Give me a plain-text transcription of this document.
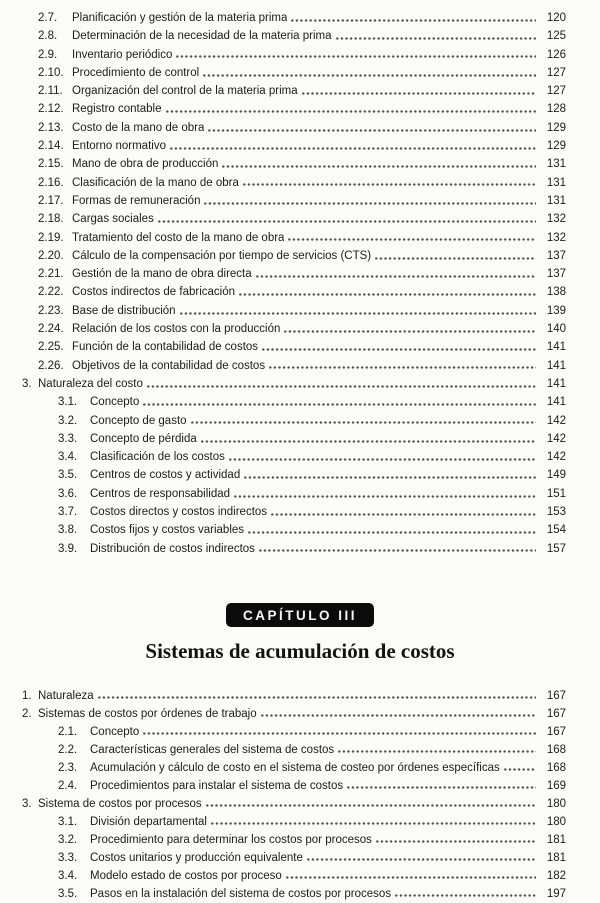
2.7.	Planificación y gestión de la materia prima	120
2.8.	Determinación de la necesidad de la materia prima	125
2.9.	Inventario periódico	126
2.10. Procedimiento de control	127
2.11. Organización del control de la materia prima	127
2.12. Registro contable	128
2.13. Costo de la mano de obra	129
2.14. Entorno normativo	129
2.15. Mano de obra de producción	131
2.16. Clasificación de la mano de obra	131
2.17. Formas de remuneración	131
2.18. Cargas sociales	132
2.19. Tratamiento del costo de la mano de obra	132
2.20. Cálculo de la compensación por tiempo de servicios (CTS)	137
2.21. Gestión de la mano de obra directa	137
2.22. Costos indirectos de fabricación	138
2.23. Base de distribución	139
2.24. Relación de los costos con la producción	140
2.25. Función de la contabilidad de costos	141
2.26. Objetivos de la contabilidad de costos	141
3. Naturaleza del costo	141
3.1.	Concepto	141
3.2.	Concepto de gasto	142
3.3.	Concepto de pérdida	142
3.4.	Clasificación de los costos	142
3.5.	Centros de costos y actividad	149
3.6.	Centros de responsabilidad	151
3.7.	Costos directos y costos indirectos	153
3.8.	Costos fijos y costos variables	154
3.9.	Distribución de costos indirectos	157
CAPÍTULO III
Sistemas de acumulación de costos
1. Naturaleza	167
2. Sistemas de costos por órdenes de trabajo	167
2.1.	Concepto	167
2.2.	Características generales del sistema de costos	168
2.3.	Acumulación y cálculo de costo en el sistema de costeo por órdenes específicas	168
2.4.	Procedimientos para instalar el sistema de costos	169
3. Sistema de costos por procesos	180
3.1.	División departamental	180
3.2.	Procedimiento para determinar los costos por procesos	181
3.3.	Costos unitarios y producción equivalente	181
3.4.	Modelo estado de costos por proceso	182
3.5.	Pasos en la instalación del sistema de costos por procesos	197
